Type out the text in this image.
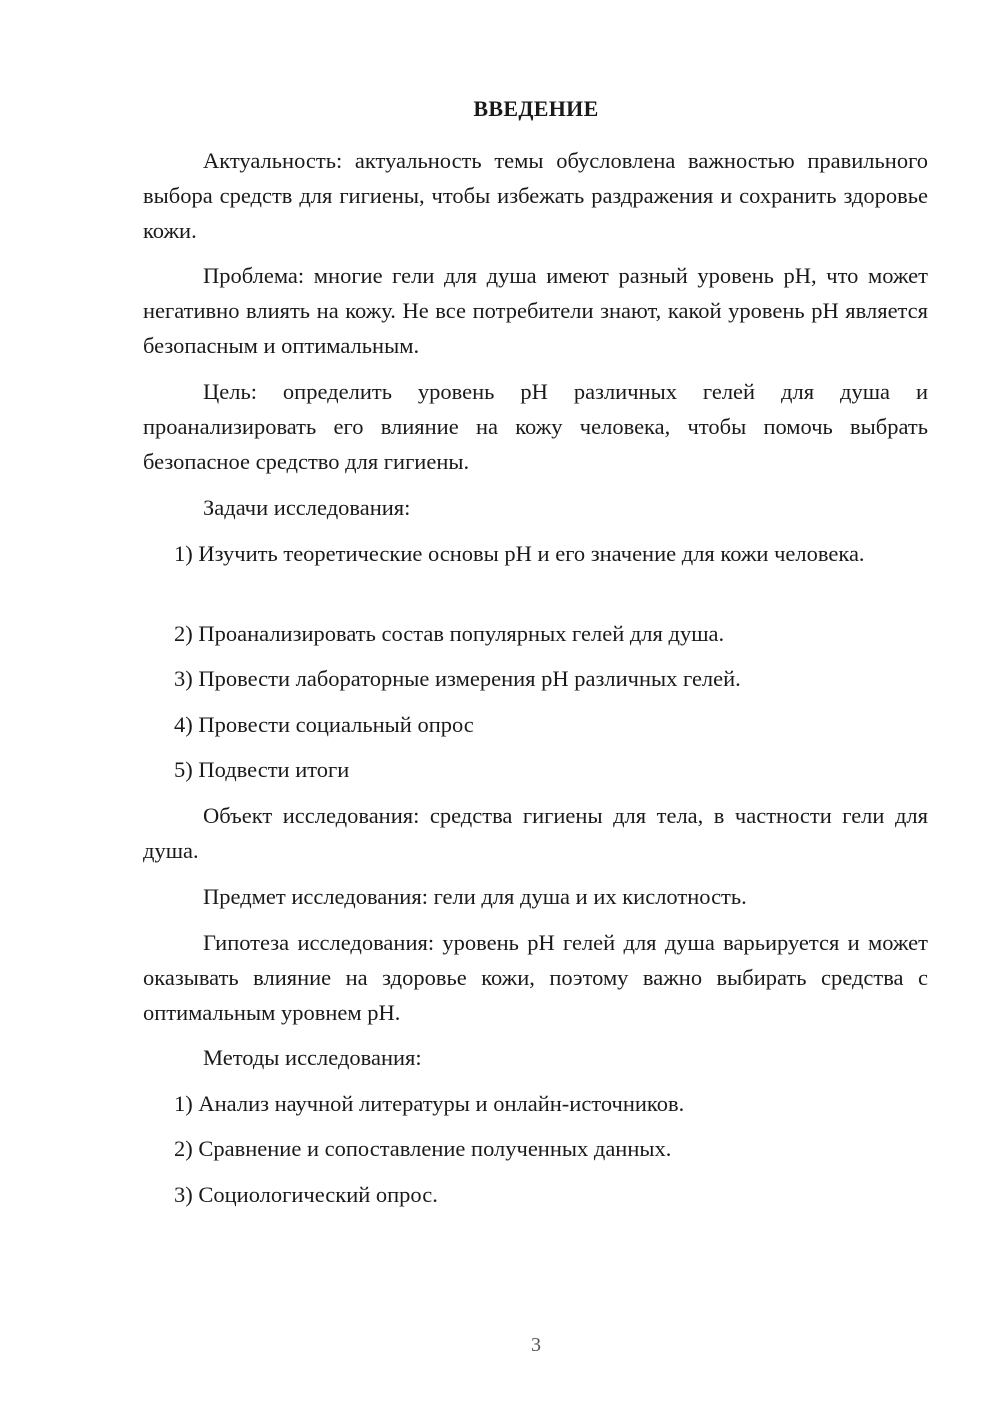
ВВЕДЕНИЕ
Актуальность: актуальность темы обусловлена важностью правильного выбора средств для гигиены, чтобы избежать раздражения и сохранить здоровье кожи.
Проблема: многие гели для душа имеют разный уровень pH, что может негативно влиять на кожу. Не все потребители знают, какой уровень pH является безопасным и оптимальным.
Цель: определить уровень pH различных гелей для душа и проанализировать его влияние на кожу человека, чтобы помочь выбрать безопасное средство для гигиены.
Задачи исследования:
1) Изучить теоретические основы pH и его значение для кожи человека.
2) Проанализировать состав популярных гелей для душа.
3) Провести лабораторные измерения pH различных гелей.
4) Провести социальный опрос
5) Подвести итоги
Объект исследования: средства гигиены для тела, в частности гели для душа.
Предмет исследования: гели для душа и их кислотность.
Гипотеза исследования: уровень pH гелей для душа варьируется и может оказывать влияние на здоровье кожи, поэтому важно выбирать средства с оптимальным уровнем pH.
Методы исследования:
1) Анализ научной литературы и онлайн-источников.
2) Сравнение и сопоставление полученных данных.
3) Социологический опрос.
3
